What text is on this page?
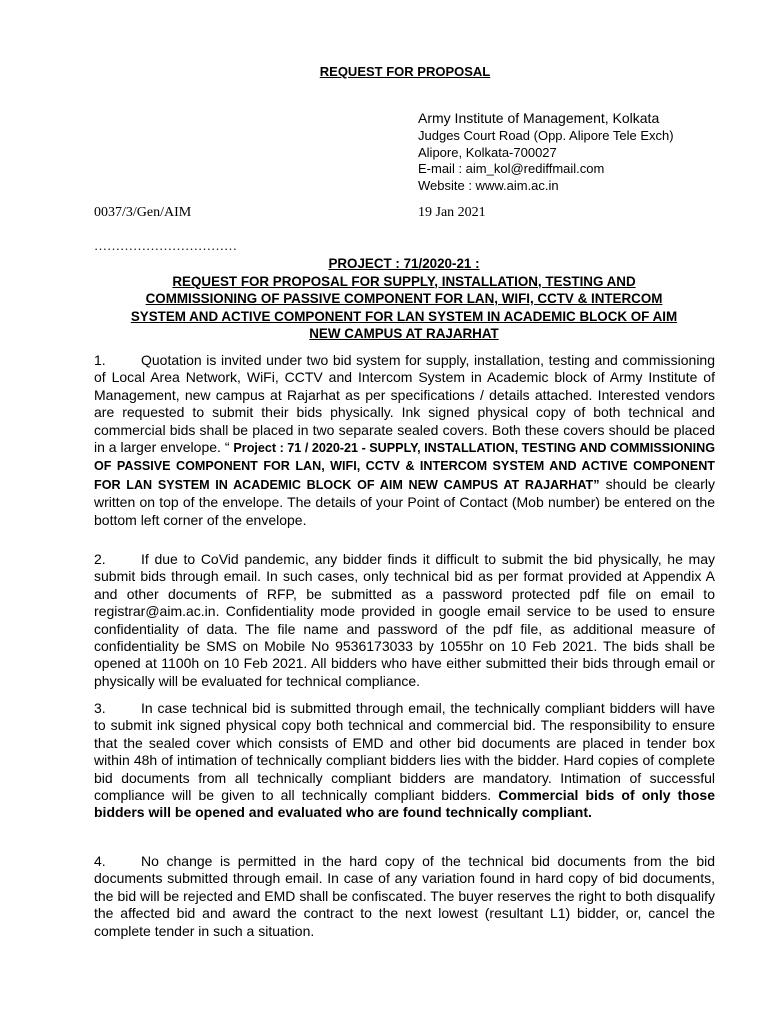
REQUEST FOR PROPOSAL
Army Institute of Management, Kolkata
Judges Court Road (Opp. Alipore Tele Exch)
Alipore, Kolkata-700027
E-mail : aim_kol@rediffmail.com
Website : www.aim.ac.in
0037/3/Gen/AIM	19 Jan 2021
……………………………
PROJECT : 71/2020-21 :
REQUEST FOR PROPOSAL FOR SUPPLY, INSTALLATION, TESTING AND
COMMISSIONING OF PASSIVE COMPONENT FOR LAN, WIFI, CCTV & INTERCOM
SYSTEM AND ACTIVE COMPONENT FOR LAN SYSTEM IN ACADEMIC BLOCK OF AIM
NEW CAMPUS AT RAJARHAT
1.	Quotation is invited under two bid system for supply, installation, testing and commissioning of Local Area Network, WiFi, CCTV and Intercom System in Academic block of Army Institute of Management, new campus at Rajarhat as per specifications / details attached. Interested vendors are requested to submit their bids physically. Ink signed physical copy of both technical and commercial bids shall be placed in two separate sealed covers. Both these covers should be placed in a larger envelope. “ Project : 71 / 2020-21 - SUPPLY, INSTALLATION, TESTING AND COMMISSIONING OF PASSIVE COMPONENT FOR LAN, WIFI, CCTV & INTERCOM SYSTEM AND ACTIVE COMPONENT FOR LAN SYSTEM IN ACADEMIC BLOCK OF AIM NEW CAMPUS AT RAJARHAT” should be clearly written on top of the envelope. The details of your Point of Contact (Mob number) be entered on the bottom left corner of the envelope.
2.	If due to CoVid pandemic, any bidder finds it difficult to submit the bid physically, he may submit bids through email. In such cases, only technical bid as per format provided at Appendix A and other documents of RFP, be submitted as a password protected pdf file on email to registrar@aim.ac.in. Confidentiality mode provided in google email service to be used to ensure confidentiality of data. The file name and password of the pdf file, as additional measure of confidentiality be SMS on Mobile No 9536173033 by 1055hr on 10 Feb 2021. The bids shall be opened at 1100h on 10 Feb 2021. All bidders who have either submitted their bids through email or physically will be evaluated for technical compliance.
3.	In case technical bid is submitted through email, the technically compliant bidders will have to submit ink signed physical copy both technical and commercial bid. The responsibility to ensure that the sealed cover which consists of EMD and other bid documents are placed in tender box within 48h of intimation of technically compliant bidders lies with the bidder. Hard copies of complete bid documents from all technically compliant bidders are mandatory. Intimation of successful compliance will be given to all technically compliant bidders. Commercial bids of only those bidders will be opened and evaluated who are found technically compliant.
4.	No change is permitted in the hard copy of the technical bid documents from the bid documents submitted through email. In case of any variation found in hard copy of bid documents, the bid will be rejected and EMD shall be confiscated. The buyer reserves the right to both disqualify the affected bid and award the contract to the next lowest (resultant L1) bidder, or, cancel the complete tender in such a situation.
